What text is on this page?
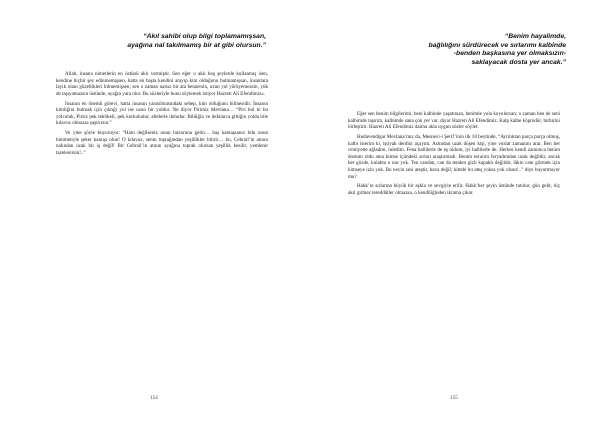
“Akıl sahibi olup bilgi toplamamışsan,
ayağına nal takılmamış bir at gibi olursun.”

Allah, insana nimetlerin en üstünü aklı vermiştir. Sen eğer o aklı boş şeylerde kullanmış isen, kendine hiçbir şey edinmemişsen, hatta en başta kendini arayıp kim olduğunu bulmamışsan, insanlara layık olanı güzellikleri bilmemişsen; sen o zaman nalsız bir ata benzersin, uzun yol yürüyemezsin, yük de taşıyamazsın üstünde, ayağın yara olur. Bu sözleriyle bunu söylemek istiyor Hazreti Ali Efendimiz».

İnsanın en önemli görevi, hatta insanın yaratılmasındaki sebep, kim olduğunu bilmesidir. İnsanın kimliğini bulmak için çıktığı yol ise uzun bir yoldur. Ne diyor Pirimiz Mevlana… “Piri bul ki bu yolculuk, Pirsiz pek tehlikeli, pek korkuludur, afetlerle doludur. Bildiğin ve defalarca gittiğin yolda bile kılavuz olmazsa şaşırırsın.”

Ve yine şöyle buyuruyor: “Hain değilseniz onun huzuruna gelin… baş kamaşsanız bile onun himmetiyle şeker kamışı olun! O kılavuz, senin toprağından yeşillikler bitirir… bu, Cebrail’in atının nalından uzak bir iş değil! Bir Cebrail’in atının ayağına toprak olursan yeşillik kesilir, yemlenir tazelenirsin!..”

154
“Benim hayalimde,
bağlılığını sürdürecek ve sırlarımı kalbinde
-benden başkasına yer olmaksızın-
saklayacak dosta yer ancak.”

Eğer sen benim bilgilerimi, beni kalbinde yaşatırsan, benimle yola koyulursan; o zaman ben de seni kalbimde taşırım, kalbimde sana çok yer var, diyor Hazreti Ali Efendimiz. Kalp kalbe köprüdür, birbirini birleştirir. Hazreti Ali Efendimiz daima akla uygun sözler söyler.

Hudavendigar Mevlana’mız da, Mesnevi-i Şerif’inin ilk 18 beytinde, “Ayrılıktan parça parça olmuş, kalbi isterim ki, iştiyak derdini açayım. Aslından uzak düşen kişi, yine vuslat zamanını arar. Ben her cemiyette ağladım, inledim. Fena hallilerle de eş oldum, iyi hallilerle de. Herkes kendi zannınca benim dostum oldu ama kimse içimdeki sırları araştırmadı. Benim esrarım feryadımdan uzak değildir, ancak her gözde, kulakta o nur yok. Ten candan, can da tenden gizli kapaklı değildir, lâkin canı görmek için kimseye izin yok. Bu neyin sesi ateştir, hava değil; kimde bu ateş yoksa yok olsun!..” diye buyurmuyor mu?

Hakk’ın sırlarına büyük bir aşkla ve sevgiyle erilir. Hakk’her şeyin üstünde tutulur, gün gelir, hiç akıl girmez tereddütler olmazsa, o kendiliğinden ikrama çıkar.

155
